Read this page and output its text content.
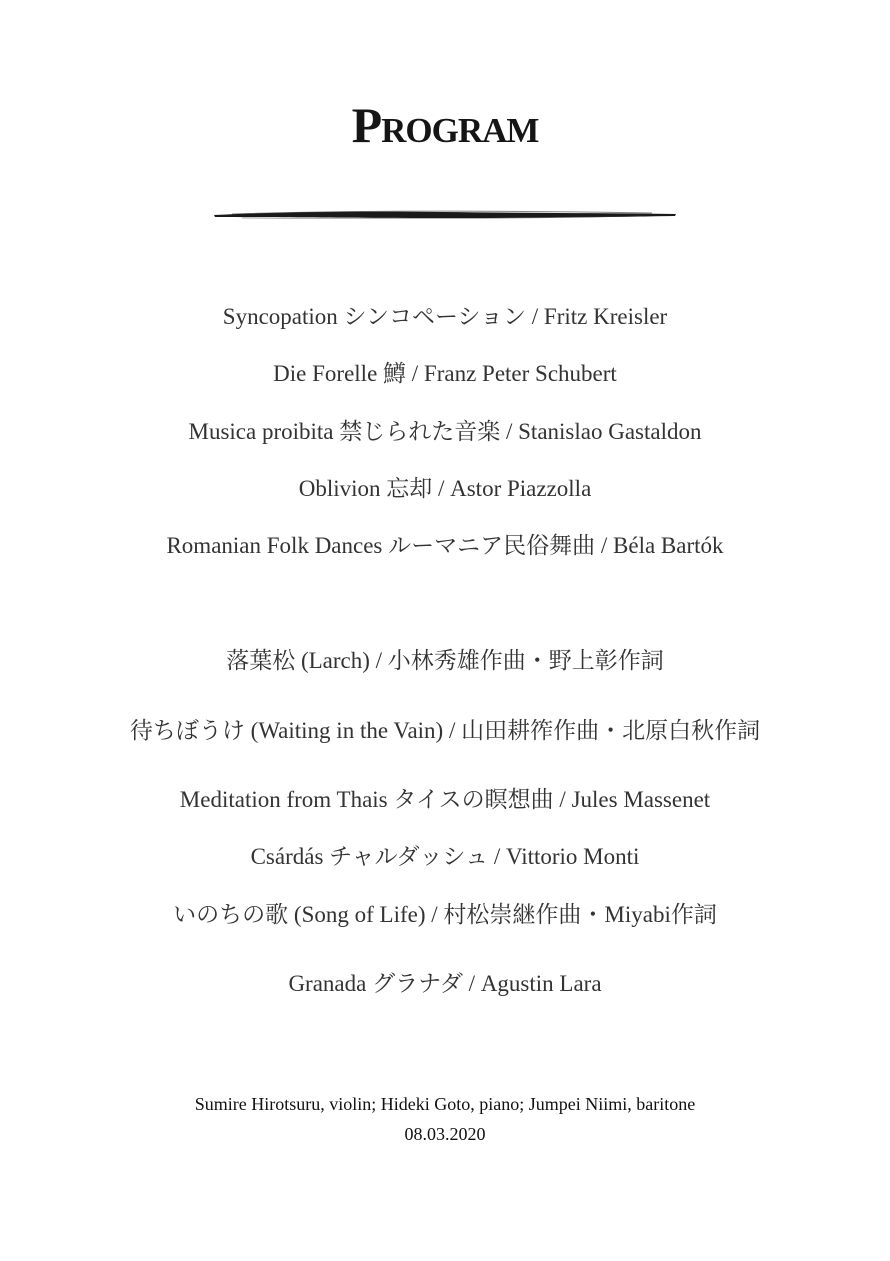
Program
Syncopation シンコペーション / Fritz Kreisler
Die Forelle 鱒 / Franz Peter Schubert
Musica proibita 禁じられた音楽 / Stanislao Gastaldon
Oblivion 忘却 / Astor Piazzolla
Romanian Folk Dances ルーマニア民俗舞曲 / Béla Bartók
落葉松 (Larch) / 小林秀雄作曲・野上彰作詞
待ちぼうけ (Waiting in the Vain) / 山田耕筰作曲・北原白秋作詞
Meditation from Thais タイスの瞑想曲 / Jules Massenet
Csárdás チャルダッシュ / Vittorio Monti
いのちの歌 (Song of Life) / 村松崇継作曲・Miyabi作詞
Granada グラナダ / Agustin Lara
Sumire Hirotsuru, violin; Hideki Goto, piano; Jumpei Niimi, baritone
08.03.2020
